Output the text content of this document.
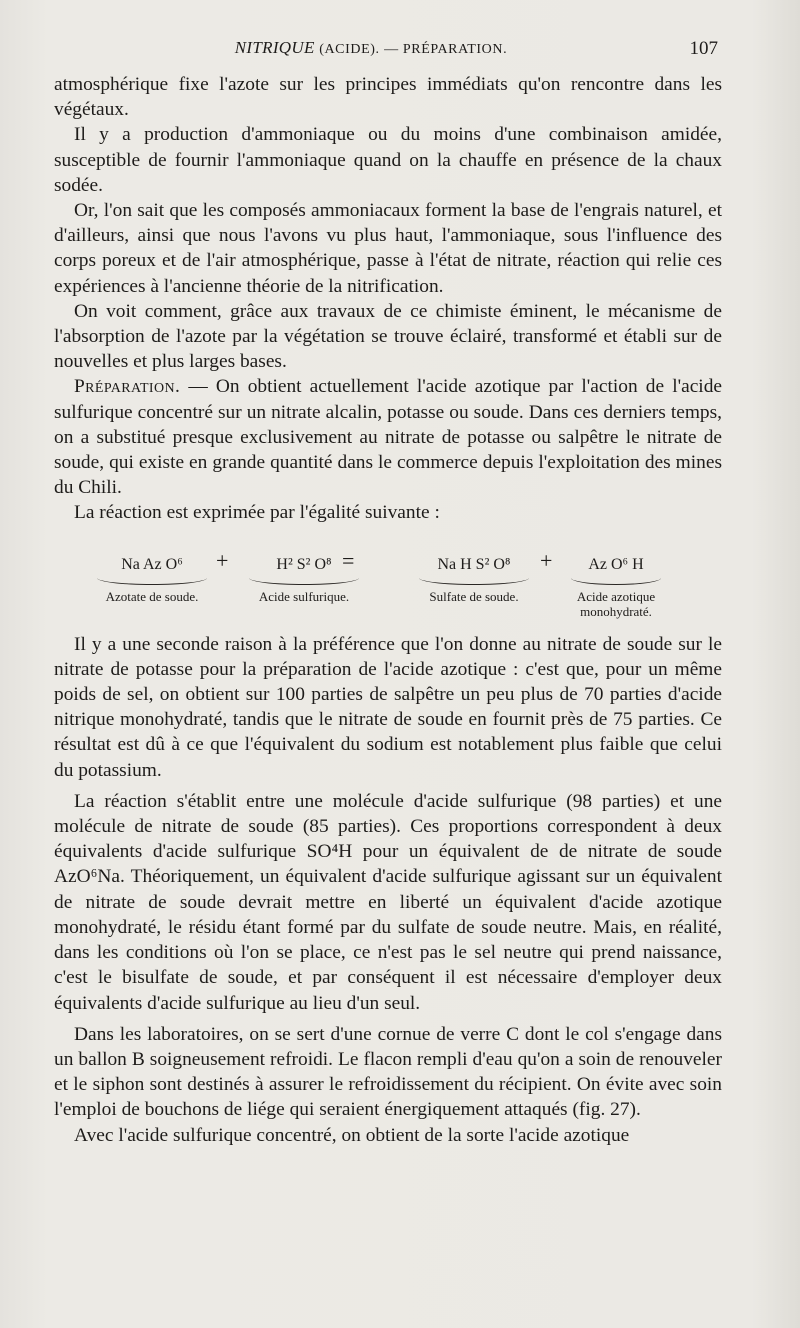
NITRIQUE (ACIDE). — PRÉPARATION.	107

atmosphérique fixe l'azote sur les principes immédiats qu'on rencontre dans les végétaux.

Il y a production d'ammoniaque ou du moins d'une combinaison amidée, susceptible de fournir l'ammoniaque quand on la chauffe en présence de la chaux sodée.

Or, l'on sait que les composés ammoniacaux forment la base de l'engrais naturel, et d'ailleurs, ainsi que nous l'avons vu plus haut, l'ammoniaque, sous l'influence des corps poreux et de l'air atmosphérique, passe à l'état de nitrate, réaction qui relie ces expériences à l'ancienne théorie de la nitrification.

On voit comment, grâce aux travaux de ce chimiste éminent, le mécanisme de l'absorption de l'azote par la végétation se trouve éclairé, transformé et établi sur de nouvelles et plus larges bases.

Préparation. — On obtient actuellement l'acide azotique par l'action de l'acide sulfurique concentré sur un nitrate alcalin, potasse ou soude. Dans ces derniers temps, on a substitué presque exclusivement au nitrate de potasse ou salpêtre le nitrate de soude, qui existe en grande quantité dans le commerce depuis l'exploitation des mines du Chili.

La réaction est exprimée par l'égalité suivante :

Na Az O⁶
Azotate de soude.
+	H² S² O⁸
Acide sulfurique.
=	Na H S² O⁸
Sulfate de soude.
+	Az O⁶ H
Acide azotique
monohydraté.

Il y a une seconde raison à la préférence que l'on donne au nitrate de soude sur le nitrate de potasse pour la préparation de l'acide azotique : c'est que, pour un même poids de sel, on obtient sur 100 parties de salpêtre un peu plus de 70 parties d'acide nitrique monohydraté, tandis que le nitrate de soude en fournit près de 75 parties. Ce résultat est dû à ce que l'équivalent du sodium est notablement plus faible que celui du potassium.

La réaction s'établit entre une molécule d'acide sulfurique (98 parties) et une molécule de nitrate de soude (85 parties). Ces proportions correspondent à deux équivalents d'acide sulfurique SO⁴H pour un équivalent de de nitrate de soude AzO⁶Na. Théoriquement, un équivalent d'acide sulfurique agissant sur un équivalent de nitrate de soude devrait mettre en liberté un équivalent d'acide azotique monohydraté, le résidu étant formé par du sulfate de soude neutre. Mais, en réalité, dans les conditions où l'on se place, ce n'est pas le sel neutre qui prend naissance, c'est le bisulfate de soude, et par conséquent il est nécessaire d'employer deux équivalents d'acide sulfurique au lieu d'un seul.

Dans les laboratoires, on se sert d'une cornue de verre C dont le col s'engage dans un ballon B soigneusement refroidi. Le flacon rempli d'eau qu'on a soin de renouveler et le siphon sont destinés à assurer le refroidissement du récipient. On évite avec soin l'emploi de bouchons de liége qui seraient énergiquement attaqués (fig. 27).

Avec l'acide sulfurique concentré, on obtient de la sorte l'acide azotique
